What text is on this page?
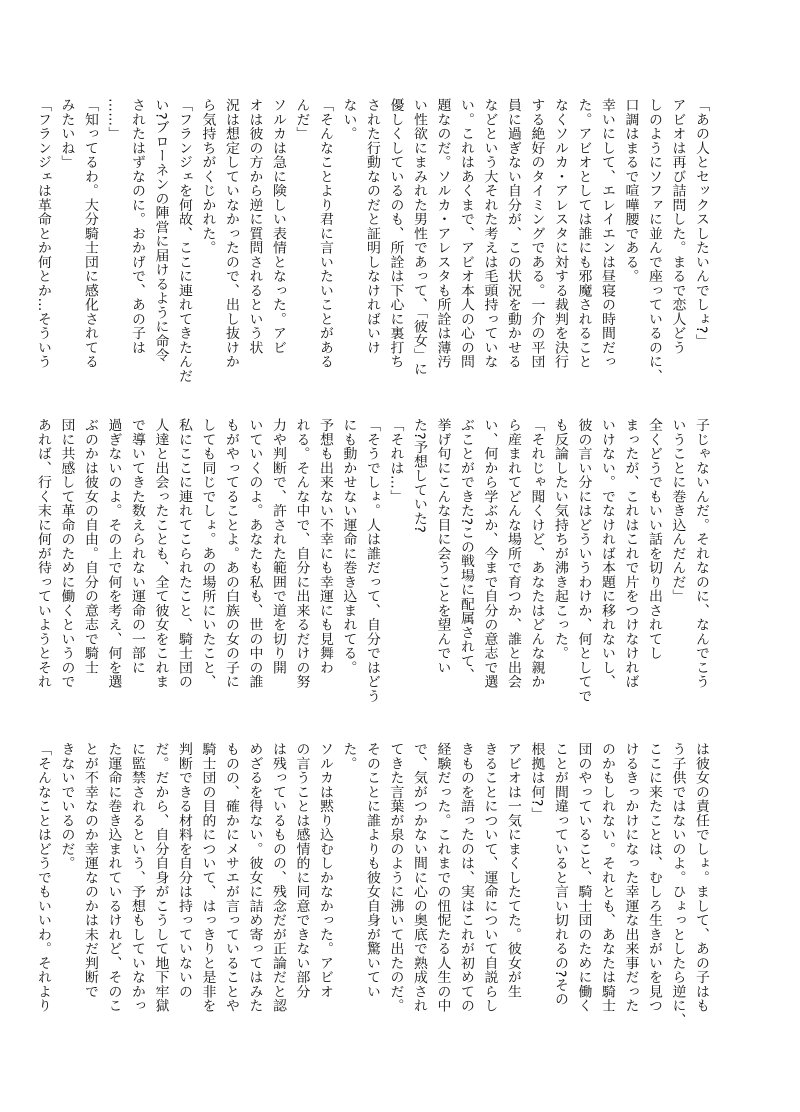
「あの人とセックスしたいんでしょ?」

アビオは再び詰問した。まるで恋人どう

しのようにソファに並んで座っているのに、

口調はまるで喧嘩腰である。

幸いにして、エレイエンは昼寝の時間だっ

た。アビオとしては誰にも邪魔されること

なくソルカ・アレスタに対する裁判を決行

する絶好のタイミングである。一介の平団

員に過ぎない自分が、この状況を動かせる

などという大それた考えは毛頭持っていな

い。これはあくまで、アビオ本人の心の問

題なのだ。ソルカ・アレスタも所詮は薄汚

い性欲にまみれた男性であって、「彼女」に

優しくしているのも、所詮は下心に裏打ち

された行動なのだと証明しなければいけ

ない。

「そんなことより君に言いたいことがある

んだ」

ソルカは急に険しい表情となった。アビ

オは彼の方から逆に質問されるという状

況は想定していなかったので、出し抜けか

ら気持ちがくじかれた。

「フランジェを何故、ここに連れてきたんだ

い?ブローネンの陣営に届けるように命令

されたはずなのに。おかげで、あの子は

……」

「知ってるわ。大分騎士団に感化されてる

みたいね」

「フランジェは革命とか何とか…そういう

子じゃないんだ。それなのに、なんでこう

いうことに巻き込んだんだ」

全くどうでもいい話を切り出されてし

まったが、これはこれで片をつけなければ

いけない。でなければ本題に移れないし、

彼の言い分にはどういうわけか、何としてで

も反論したい気持ちが沸き起こった。

「それじゃ聞くけど、あなたはどんな親か

ら産まれてどんな場所で育つか、誰と出会

い、何から学ぶか、今まで自分の意志で選

ぶことができた?この戦場に配属されて、

挙げ句にこんな目に会うことを望んでい

た?予想していた?

「それは…」

「そうでしょ。人は誰だって、自分ではどう

にも動かせない運命に巻き込まれてる。

予想も出来ない不幸にも幸運にも見舞わ

れる。そんな中で、自分に出来るだけの努

力や判断で、許された範囲で道を切り開

いていくのよ。あなたも私も、世の中の誰

もがやってることよ。あの白族の女の子に

しても同じでしょ。あの場所にいたこと、

私にここに連れてこられたこと、騎士団の

人達と出会ったことも、全て彼女をこれま

で導いてきた数えられない運命の一部に

過ぎないのよ。その上で何を考え、何を選

ぶのかは彼女の自由。自分の意志で騎士

団に共感して革命のために働くというので

あれば、行く末に何が待っていようとそれ

は彼女の責任でしょ。まして、あの子はも

う子供ではないのよ。ひょっとしたら逆に、

ここに来たことは、むしろ生きがいを見つ

けるきっかけになった幸運な出来事だった

のかもしれない。それとも、あなたは騎士

団のやっていること、騎士団のために働く

ことが間違っていると言い切れるの?その

根拠は何?」

アビオは一気にまくしたてた。彼女が生

きることについて、運命について自説らし

きものを語ったのは、実はこれが初めての

経験だった。これまでの忸怩たる人生の中

で、気がつかない間に心の奥底で熟成され

てきた言葉が泉のように沸いて出たのだ。

そのことに誰よりも彼女自身が驚いてい

た。

ソルカは黙り込むしかなかった。アビオ

の言うことは感情的に同意できない部分

は残っているものの、残念だが正論だと認

めざるを得ない。彼女に詰め寄ってはみた

ものの、確かにメサエが言っていることや

騎士団の目的について、はっきりと是非を

判断できる材料を自分は持っていないの

だ。だから、自分自身がこうして地下牢獄

に監禁されるという、予想もしていなかっ

た運命に巻き込まれているけれど、そのこ

とが不幸なのか幸運なのかは未だ判断で

きないでいるのだ。

「そんなことはどうでもいいわ。それより
